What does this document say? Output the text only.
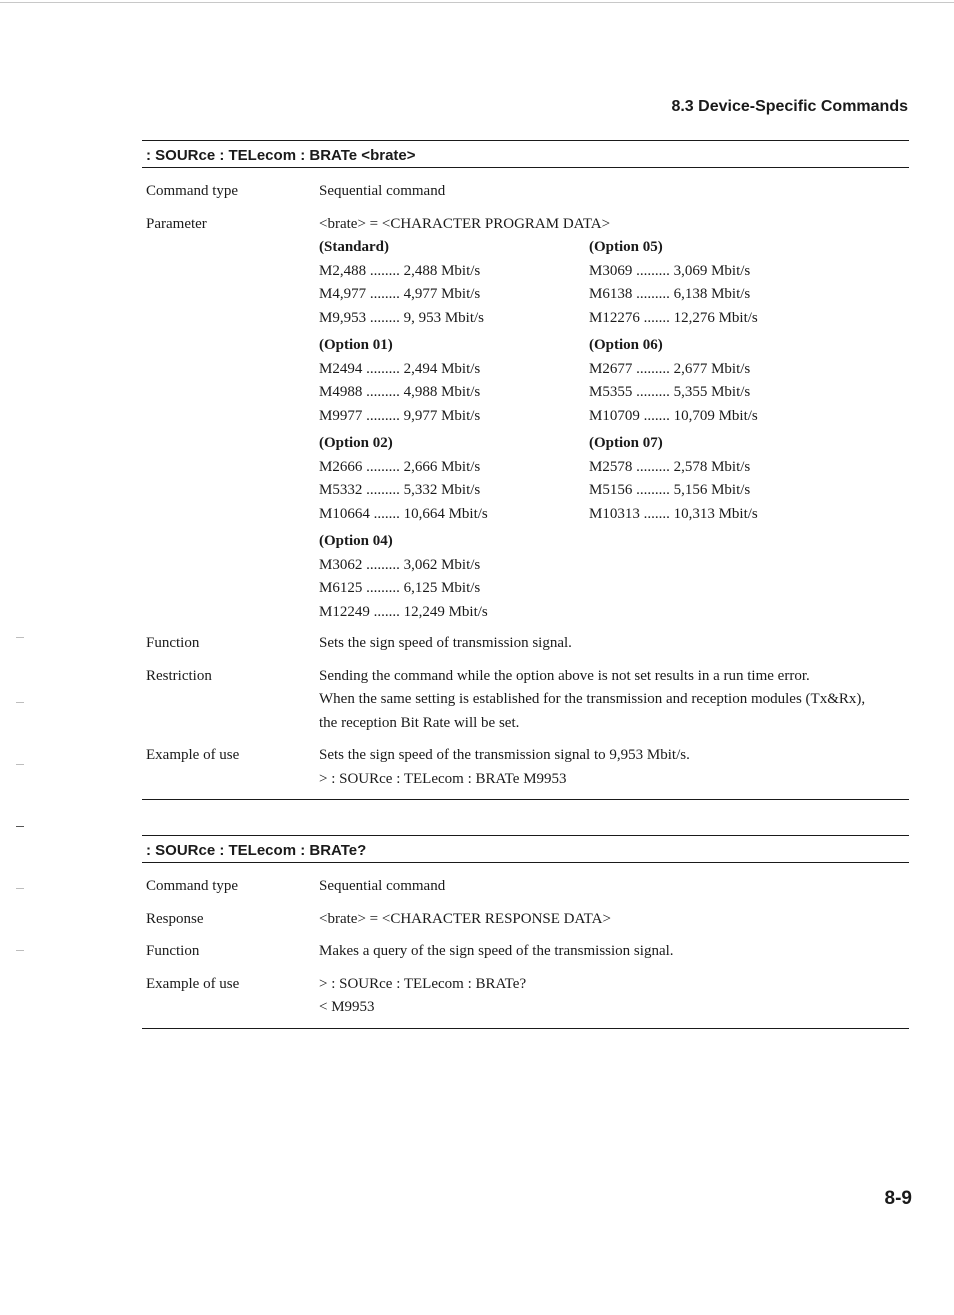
8.3 Device-Specific Commands
: SOURce : TELecom : BRATe <brate>
Command type	Sequential command
Parameter	<brate> = <CHARACTER PROGRAM DATA>
(Standard)
M2,488 ........ 2,488 Mbit/s
M4,977 ........ 4,977 Mbit/s
M9,953 ........ 9, 953 Mbit/s
(Option 01)
M2494 ......... 2,494 Mbit/s
M4988 ......... 4,988 Mbit/s
M9977 ......... 9,977 Mbit/s
(Option 02)
M2666 ......... 2,666 Mbit/s
M5332 ......... 5,332 Mbit/s
M10664 ....... 10,664 Mbit/s
(Option 04)
M3062 ......... 3,062 Mbit/s
M6125 ......... 6,125 Mbit/s
M12249 ....... 12,249 Mbit/s
(Option 05)
M3069 ......... 3,069 Mbit/s
M6138 ......... 6,138 Mbit/s
M12276 ....... 12,276 Mbit/s
(Option 06)
M2677 ......... 2,677 Mbit/s
M5355 ......... 5,355 Mbit/s
M10709 ....... 10,709 Mbit/s
(Option 07)
M2578 ......... 2,578 Mbit/s
M5156 ......... 5,156 Mbit/s
M10313 ....... 10,313 Mbit/s
Function	Sets the sign speed of transmission signal.
Restriction	Sending the command while the option above is not set results in a run time error.
When the same setting is established for the transmission and reception modules (Tx&Rx),
the reception Bit Rate will be set.
Example of use	Sets the sign speed of the transmission signal to 9,953 Mbit/s.
> : SOURce : TELecom : BRATe M9953
: SOURce : TELecom : BRATe?
Command type	Sequential command
Response	<brate> = <CHARACTER RESPONSE DATA>
Function	Makes a query of the sign speed of the transmission signal.
Example of use	> : SOURce : TELecom : BRATe?
< M9953
8-9
